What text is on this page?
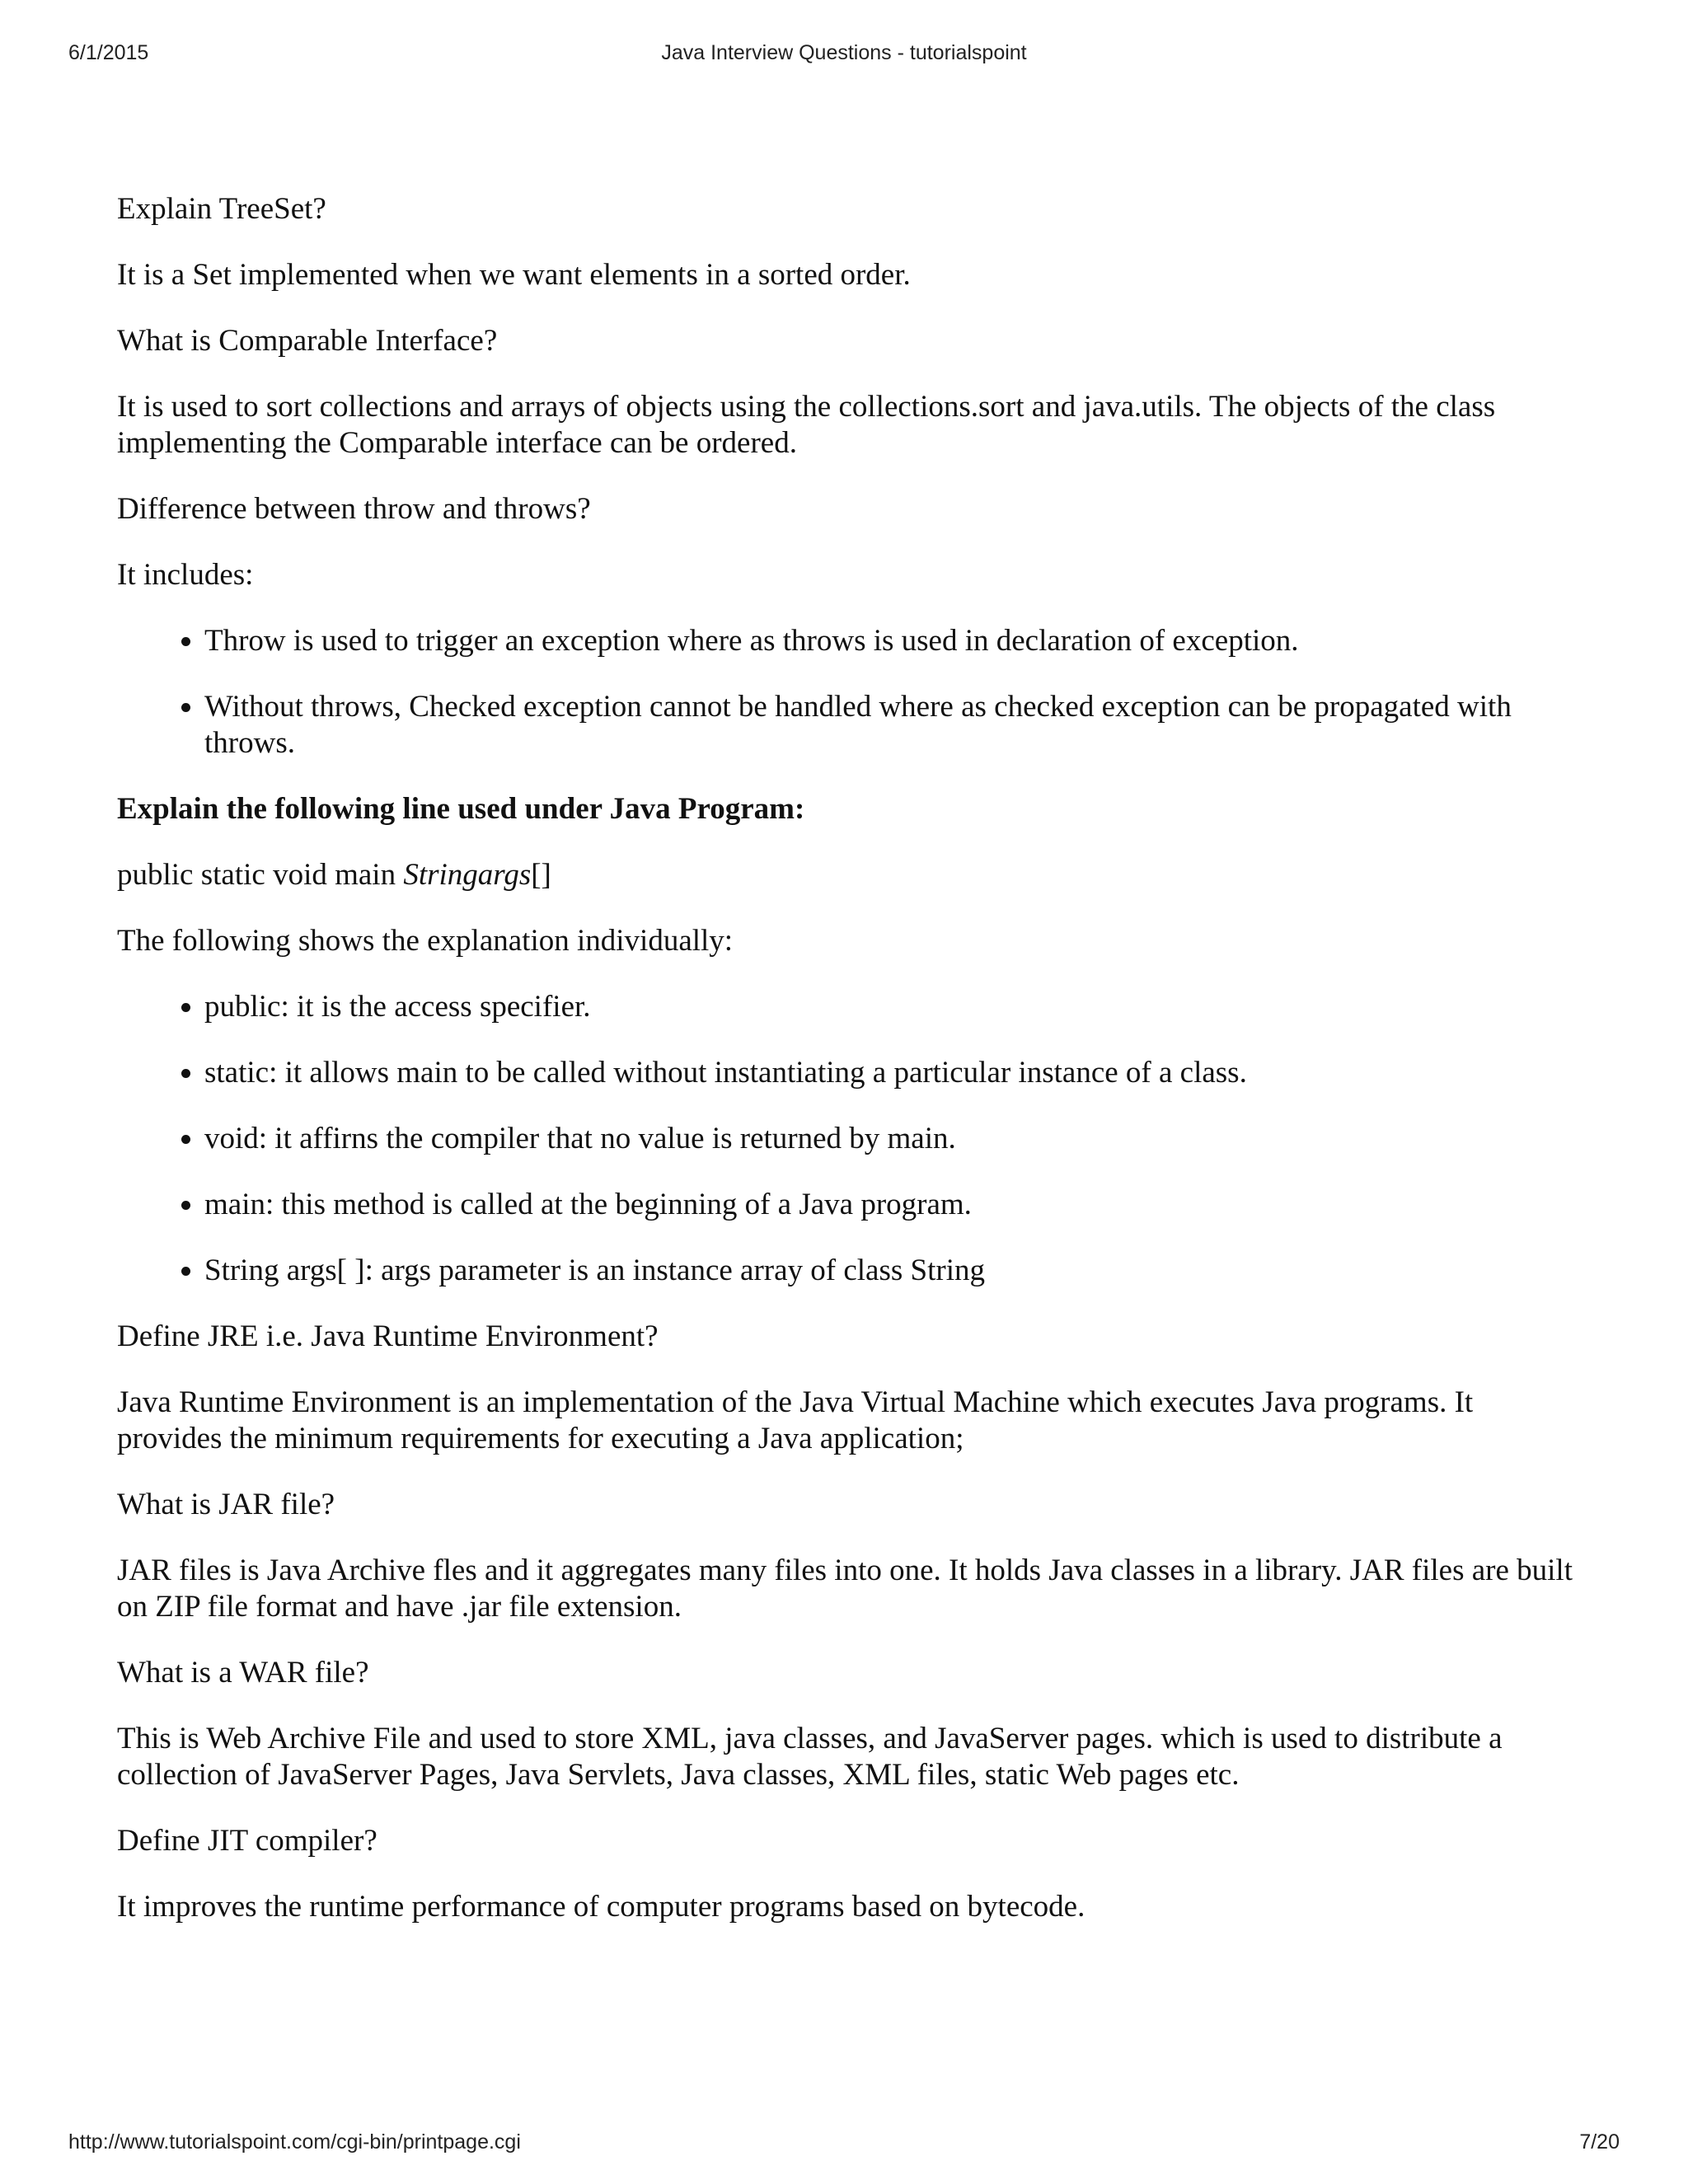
6/1/2015	Java Interview Questions - tutorialspoint

Explain TreeSet?

It is a Set implemented when we want elements in a sorted order.

What is Comparable Interface?

It is used to sort collections and arrays of objects using the collections.sort and java.utils. The objects of the class implementing the Comparable interface can be ordered.

Difference between throw and throws?

It includes:

• Throw is used to trigger an exception where as throws is used in declaration of exception.
• Without throws, Checked exception cannot be handled where as checked exception can be propagated with throws.
Explain the following line used under Java Program:

public static void main Stringargs[]

The following shows the explanation individually:

• public: it is the access specifier.
• static: it allows main to be called without instantiating a particular instance of a class.
• void: it affirns the compiler that no value is returned by main.
• main: this method is called at the beginning of a Java program.
• String args[ ]: args parameter is an instance array of class String

Define JRE i.e. Java Runtime Environment?

Java Runtime Environment is an implementation of the Java Virtual Machine which executes Java programs. It provides the minimum requirements for executing a Java application;

What is JAR file?

JAR files is Java Archive fles and it aggregates many files into one. It holds Java classes in a library. JAR files are built on ZIP file format and have .jar file extension.

What is a WAR file?

This is Web Archive File and used to store XML, java classes, and JavaServer pages. which is used to distribute a collection of JavaServer Pages, Java Servlets, Java classes, XML files, static Web pages etc.

Define JIT compiler?

It improves the runtime performance of computer programs based on bytecode.

http://www.tutorialspoint.com/cgi-bin/printpage.cgi	7/20
